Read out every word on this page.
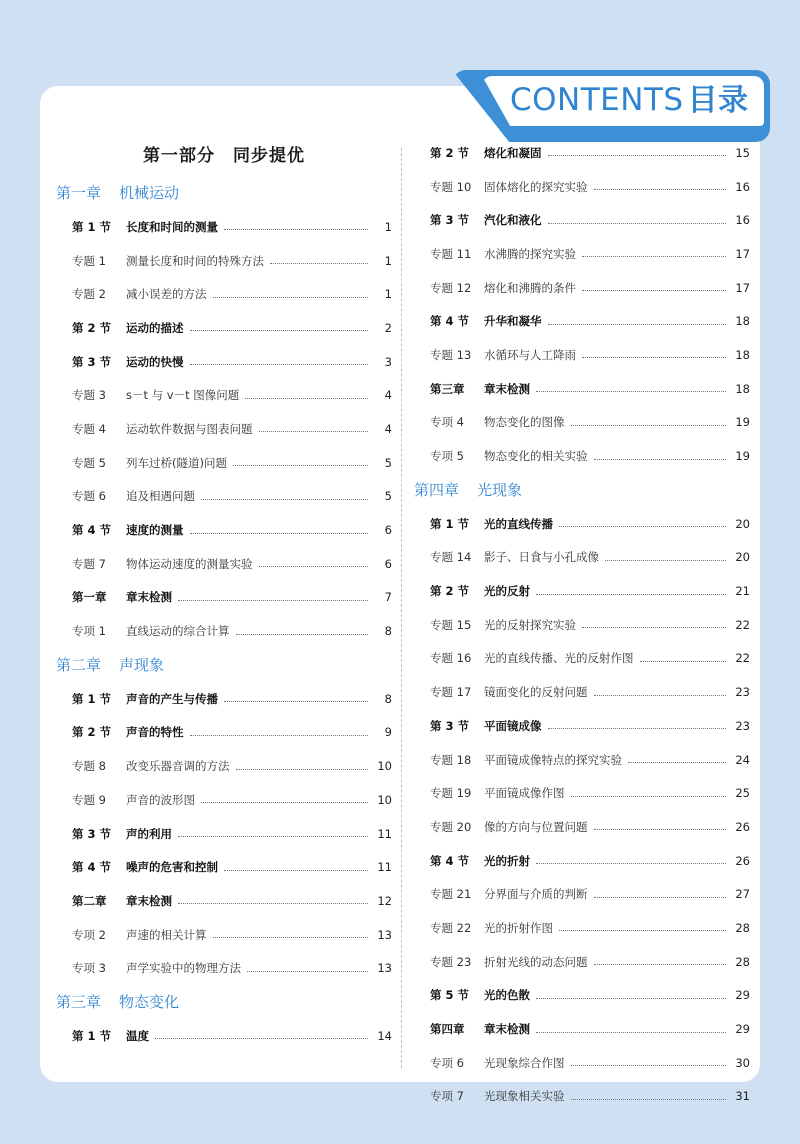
CONTENTS 目录
第一部分　同步提优
第一章 机械运动
第 1 节	长度和时间的测量	1
专题 1	测量长度和时间的特殊方法	1
专题 2	减小误差的方法	1
第 2 节	运动的描述	2
第 3 节	运动的快慢	3
专题 3	s－t 与 v－t 图像问题	4
专题 4	运动软件数据与图表问题	4
专题 5	列车过桥(隧道)问题	5
专题 6	追及相遇问题	5
第 4 节	速度的测量	6
专题 7	物体运动速度的测量实验	6
第一章	章末检测	7
专项 1	直线运动的综合计算	8
第二章 声现象
第 1 节	声音的产生与传播	8
第 2 节	声音的特性	9
专题 8	改变乐器音调的方法	10
专题 9	声音的波形图	10
第 3 节	声的利用	11
第 4 节	噪声的危害和控制	11
第二章	章末检测	12
专项 2	声速的相关计算	13
专项 3	声学实验中的物理方法	13
第三章 物态变化
第 1 节	温度	14
第 2 节	熔化和凝固	15
专题 10	固体熔化的探究实验	16
第 3 节	汽化和液化	16
专题 11	水沸腾的探究实验	17
专题 12	熔化和沸腾的条件	17
第 4 节	升华和凝华	18
专题 13	水循环与人工降雨	18
第三章	章末检测	18
专项 4	物态变化的图像	19
专项 5	物态变化的相关实验	19
第四章 光现象
第 1 节	光的直线传播	20
专题 14	影子、日食与小孔成像	20
第 2 节	光的反射	21
专题 15	光的反射探究实验	22
专题 16	光的直线传播、光的反射作图	22
专题 17	镜面变化的反射问题	23
第 3 节	平面镜成像	23
专题 18	平面镜成像特点的探究实验	24
专题 19	平面镜成像作图	25
专题 20	像的方向与位置问题	26
第 4 节	光的折射	26
专题 21	分界面与介质的判断	27
专题 22	光的折射作图	28
专题 23	折射光线的动态问题	28
第 5 节	光的色散	29
第四章	章末检测	29
专项 6	光现象综合作图	30
专项 7	光现象相关实验	31
